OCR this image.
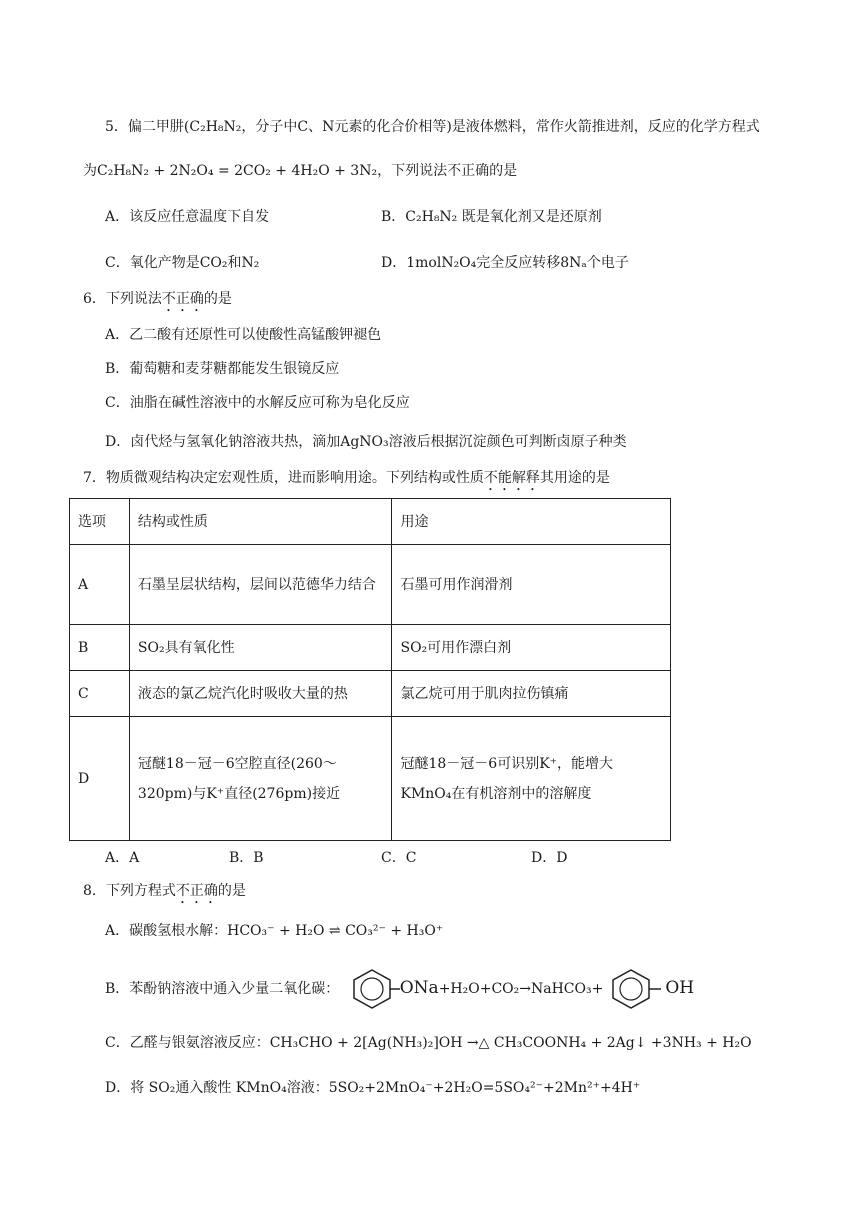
5．偏二甲肼(C₂H₈N₂，分子中C、N元素的化合价相等)是液体燃料，常作火箭推进剂，反应的化学方程式
为C₂H₈N₂ + 2N₂O₄ = 2CO₂ + 4H₂O + 3N₂，下列说法不正确的是
A．该反应任意温度下自发	B．C₂H₈N₂ 既是氧化剂又是还原剂
C．氧化产物是CO₂和N₂	D．1molN₂O₄完全反应转移8Nₐ个电子
6．下列说法不正确的是
A．乙二酸有还原性可以使酸性高锰酸钾褪色
B．葡萄糖和麦芽糖都能发生银镜反应
C．油脂在碱性溶液中的水解反应可称为皂化反应
D．卤代烃与氢氧化钠溶液共热，滴加AgNO₃溶液后根据沉淀颜色可判断卤原子种类
7．物质微观结构决定宏观性质，进而影响用途。下列结构或性质不能解释其用途的是
选项	结构或性质	用途
A	石墨呈层状结构，层间以范德华力结合	石墨可用作润滑剂
B	SO₂具有氧化性	SO₂可用作漂白剂
C	液态的氯乙烷汽化时吸收大量的热	氯乙烷可用于肌肉拉伤镇痛
D	冠醚18－冠－6空腔直径(260～320pm)与K⁺直径(276pm)接近	冠醚18－冠－6可识别K⁺，能增大KMnO₄在有机溶剂中的溶解度
A．A	B．B	C．C	D．D
8．下列方程式不正确的是
A．碳酸氢根水解：HCO₃⁻ + H₂O ⇌ CO₃²⁻ + H₃O⁺
B．苯酚钠溶液中通入少量二氧化碳：	ONa+H₂O+CO₂→NaHCO₃+	OH
C．乙醛与银氨溶液反应：CH₃CHO + 2[Ag(NH₃)₂]OH →△ CH₃COONH₄ + 2Ag↓ +3NH₃ + H₂O
D．将 SO₂通入酸性 KMnO₄溶液：5SO₂+2MnO₄⁻+2H₂O=5SO₄²⁻+2Mn²⁺+4H⁺
